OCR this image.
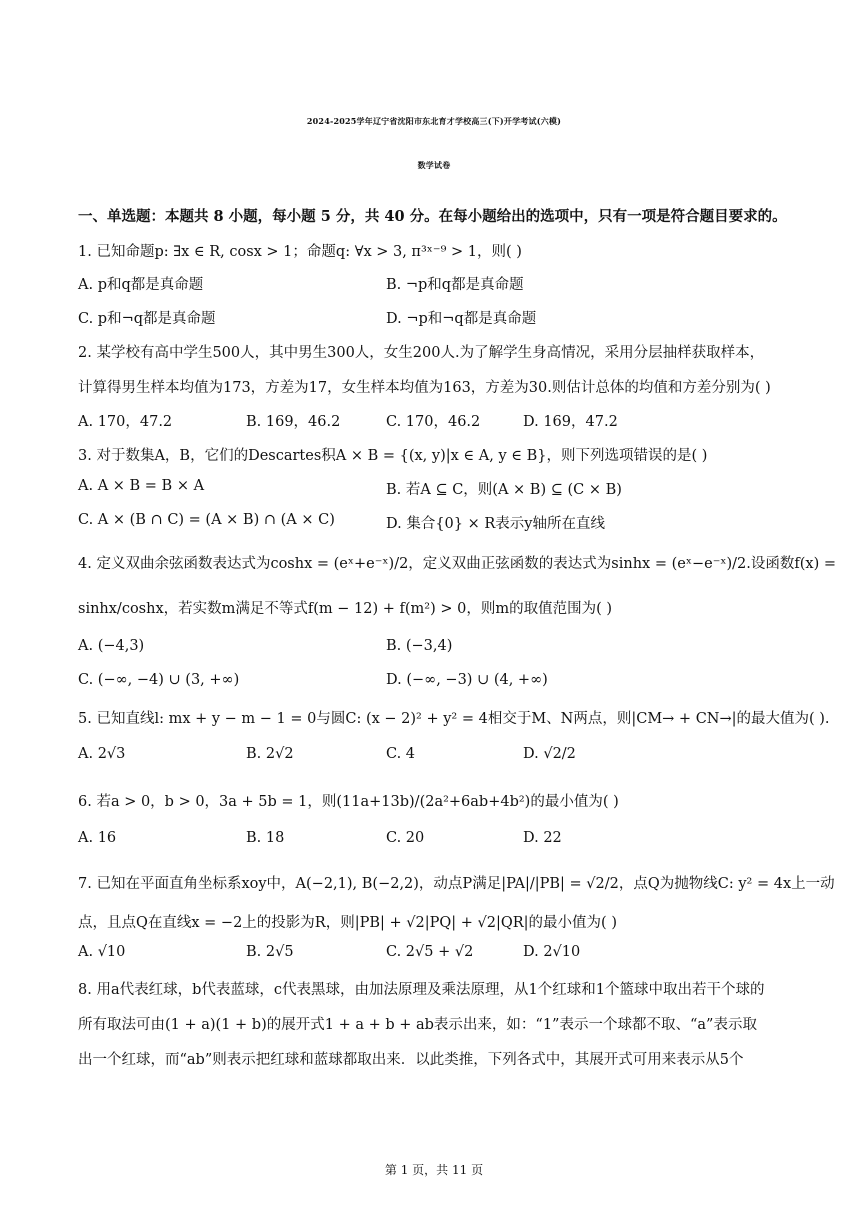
2024-2025学年辽宁省沈阳市东北育才学校高三(下)开学考试(六模)
数学试卷
一、单选题：本题共 8 小题，每小题 5 分，共 40 分。在每小题给出的选项中，只有一项是符合题目要求的。
1. 已知命题p: ∃x ∈ R, cosx > 1；命题q: ∀x > 3, π³ˣ⁻⁹ > 1，则( )
A. p和q都是真命题	B. ¬p和q都是真命题
C. p和¬q都是真命题	D. ¬p和¬q都是真命题
2. 某学校有高中学生500人，其中男生300人，女生200人.为了解学生身高情况，采用分层抽样获取样本，
计算得男生样本均值为173，方差为17，女生样本均值为163，方差为30.则估计总体的均值和方差分别为( )
A. 170，47.2	B. 169，46.2	C. 170，46.2	D. 169，47.2
3. 对于数集A，B，它们的Descartes积A × B = {(x, y)|x ∈ A, y ∈ B}，则下列选项错误的是( )
A. A × B = B × A	B. 若A ⊆ C，则(A × B) ⊆ (C × B)
C. A × (B ∩ C) = (A × B) ∩ (A × C)	D. 集合{0} × R表示y轴所在直线
4. 定义双曲余弦函数表达式为coshx = (eˣ+e⁻ˣ)/2，定义双曲正弦函数的表达式为sinhx = (eˣ−e⁻ˣ)/2.设函数f(x) =
sinhx/coshx，若实数m满足不等式f(m − 12) + f(m²) > 0，则m的取值范围为( )
A. (−4,3)	B. (−3,4)
C. (−∞, −4) ∪ (3, +∞)	D. (−∞, −3) ∪ (4, +∞)
5. 已知直线l: mx + y − m − 1 = 0与圆C: (x − 2)² + y² = 4相交于M、N两点，则|CM→ + CN→|的最大值为( ).
A. 2√3	B. 2√2	C. 4	D. √2/2
6. 若a > 0，b > 0，3a + 5b = 1，则(11a+13b)/(2a²+6ab+4b²)的最小值为( )
A. 16	B. 18	C. 20	D. 22
7. 已知在平面直角坐标系xoy中，A(−2,1), B(−2,2)，动点P满足|PA|/|PB| = √2/2，点Q为抛物线C: y² = 4x上一动
点，且点Q在直线x = −2上的投影为R，则|PB| + √2|PQ| + √2|QR|的最小值为( )
A. √10	B. 2√5	C. 2√5 + √2	D. 2√10
8. 用a代表红球，b代表蓝球，c代表黑球，由加法原理及乘法原理，从1个红球和1个篮球中取出若干个球的
所有取法可由(1 + a)(1 + b)的展开式1 + a + b + ab表示出来，如：“1”表示一个球都不取、“a”表示取
出一个红球，而“ab”则表示把红球和蓝球都取出来．以此类推，下列各式中，其展开式可用来表示从5个
第 1 页，共 11 页
